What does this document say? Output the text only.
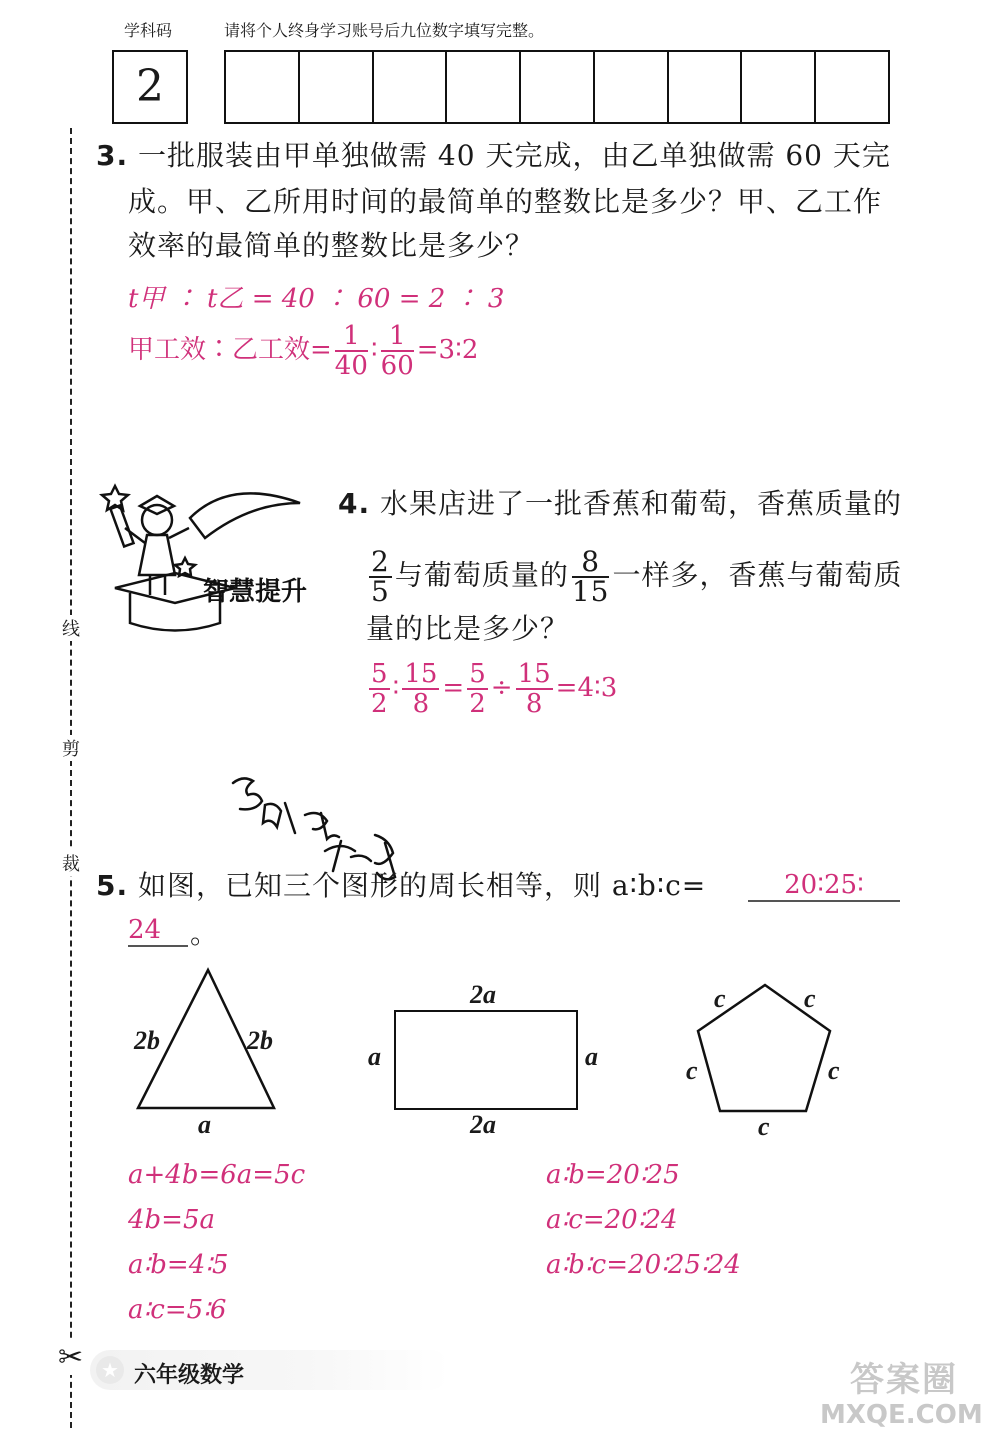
学科码	请将个人终身学习账号后九位数字填写完整。
2
线
剪
裁
✂
3. 一批服装由甲单独做需 40 天完成，由乙单独做需 60 天完
成。甲、乙所用时间的最简单的整数比是多少？甲、乙工作
效率的最简单的整数比是多少？
t甲 ∶ t乙 = 40 ∶ 60 = 2 ∶ 3
甲工效∶乙工效= $\frac{1}{40}$ ∶ $\frac{1}{60}$ =3∶2
智慧提升
4. 水果店进了一批香蕉和葡萄，香蕉质量的
$\frac{2}{5}$ 与葡萄质量的 $\frac{8}{15}$ 一样多，香蕉与葡萄质
量的比是多少？
$\frac{5}{2}$ ∶ $\frac{15}{8} = \frac{5}{2} \div \frac{15}{8}$ =4∶3
5. 如图，已知三个图形的周长相等，则 a∶b∶c=	20∶25∶
24	。
2b	2b
a
2a
2a
a	a
c	c
c	c
c
a+4b=6a=5c
4b=5a
a∶b=4∶5
a∶c=5∶6
a∶b=20∶25
a∶c=20∶24
a∶b∶c=20∶25∶24
★ 六年级数学	答案圈
MXQE.COM
